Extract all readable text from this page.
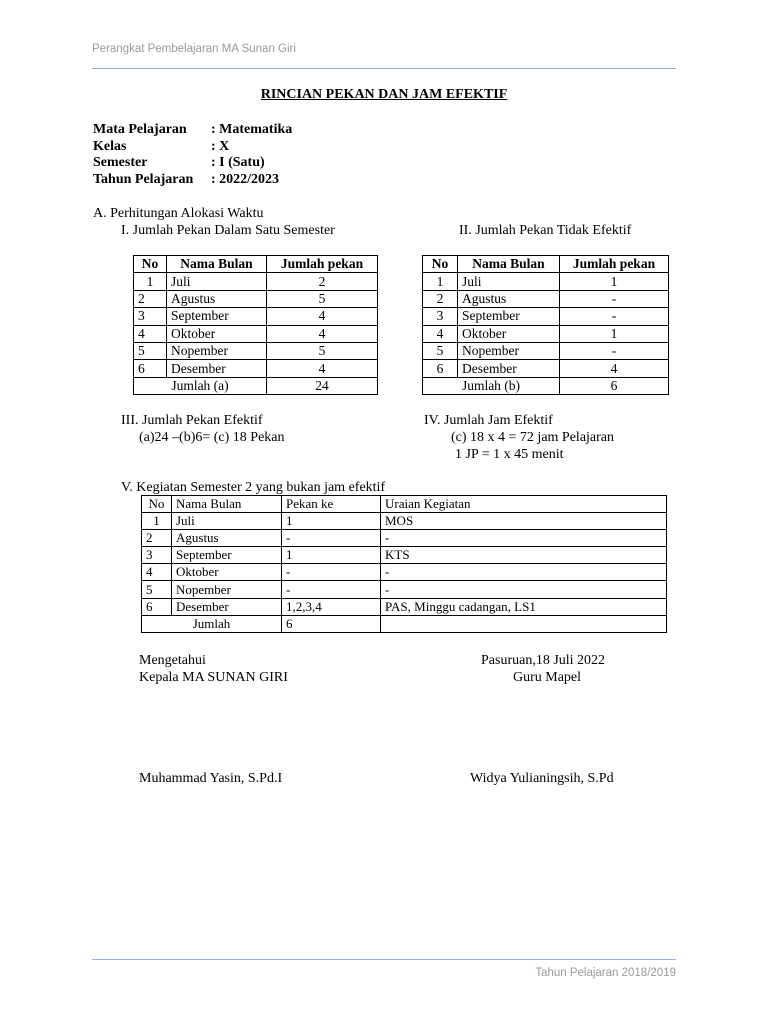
Perangkat Pembelajaran MA Sunan Giri
Tahun Pelajaran 2018/2019
RINCIAN PEKAN DAN JAM EFEKTIF
Mata Pelajaran	: Matematika
Kelas	: X
Semester	: I (Satu)
Tahun Pelajaran	: 2022/2023
A. Perhitungan Alokasi Waktu
I. Jumlah Pekan Dalam Satu Semester	II. Jumlah Pekan Tidak Efektif
No	Nama Bulan	Jumlah pekan
1	Juli	2
2	Agustus	5
3	September	4
4	Oktober	4
5	Nopember	5
6	Desember	4
Jumlah (a)		24
No	Nama Bulan	Jumlah pekan
1	Juli	1
2	Agustus	-
3	September	-
4	Oktober	1
5	Nopember	-
6	Desember	4
Jumlah (b)		6
III. Jumlah Pekan Efektif
(a)24 –(b)6= (c) 18 Pekan
IV. Jumlah Jam Efektif
(c) 18 x 4 = 72 jam Pelajaran
1 JP = 1 x 45 menit
V. Kegiatan Semester 2 yang bukan jam efektif
No	Nama Bulan	Pekan ke	Uraian Kegiatan
1	Juli	1	MOS
2	Agustus	-	-
3	September	1	KTS
4	Oktober	-	-
5	Nopember	-	-
6	Desember	1,2,3,4	PAS, Minggu cadangan, LS1
Jumlah		6	
Mengetahui
Kepala MA SUNAN GIRI
Muhammad Yasin, S.Pd.I
Pasuruan,18 Juli 2022
Guru Mapel
Widya Yulianingsih, S.Pd
